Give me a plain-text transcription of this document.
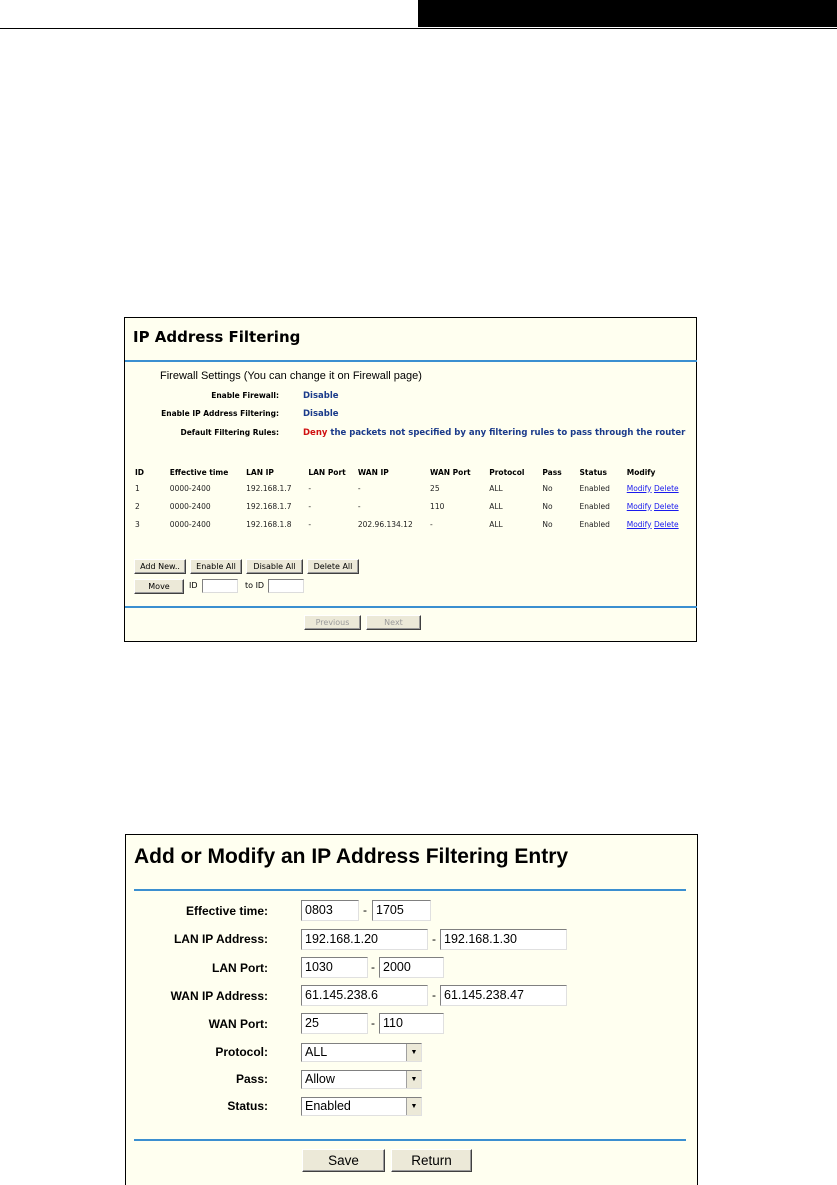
IP Address Filtering
Firewall Settings (You can change it on Firewall page)
Enable Firewall:	Disable
Enable IP Address Filtering:	Disable
Default Filtering Rules:	Deny the packets not specified by any filtering rules to pass through the router
ID	Effective time	LAN IP	LAN Port	WAN IP	WAN Port	Protocol	Pass	Status	Modify
1	0000-2400	192.168.1.7	-	-	25	ALL	No	Enabled	Modify Delete
2	0000-2400	192.168.1.7	-	-	110	ALL	No	Enabled	Modify Delete
3	0000-2400	192.168.1.8	-	202.96.134.12	-	ALL	No	Enabled	Modify Delete
Add New..	Enable All	Disable All	Delete All
Move	ID	to ID
Previous	Next
Add or Modify an IP Address Filtering Entry
Effective time:	0803	- 1705
LAN IP Address:	192.168.1.20	- 192.168.1.30
LAN Port:	1030	- 2000
WAN IP Address:	61.145.238.6	- 61.145.238.47
WAN Port:	25	- 110
Protocol:	ALL	▼
Pass:	Allow	▼
Status:	Enabled	▼
Save	Return
